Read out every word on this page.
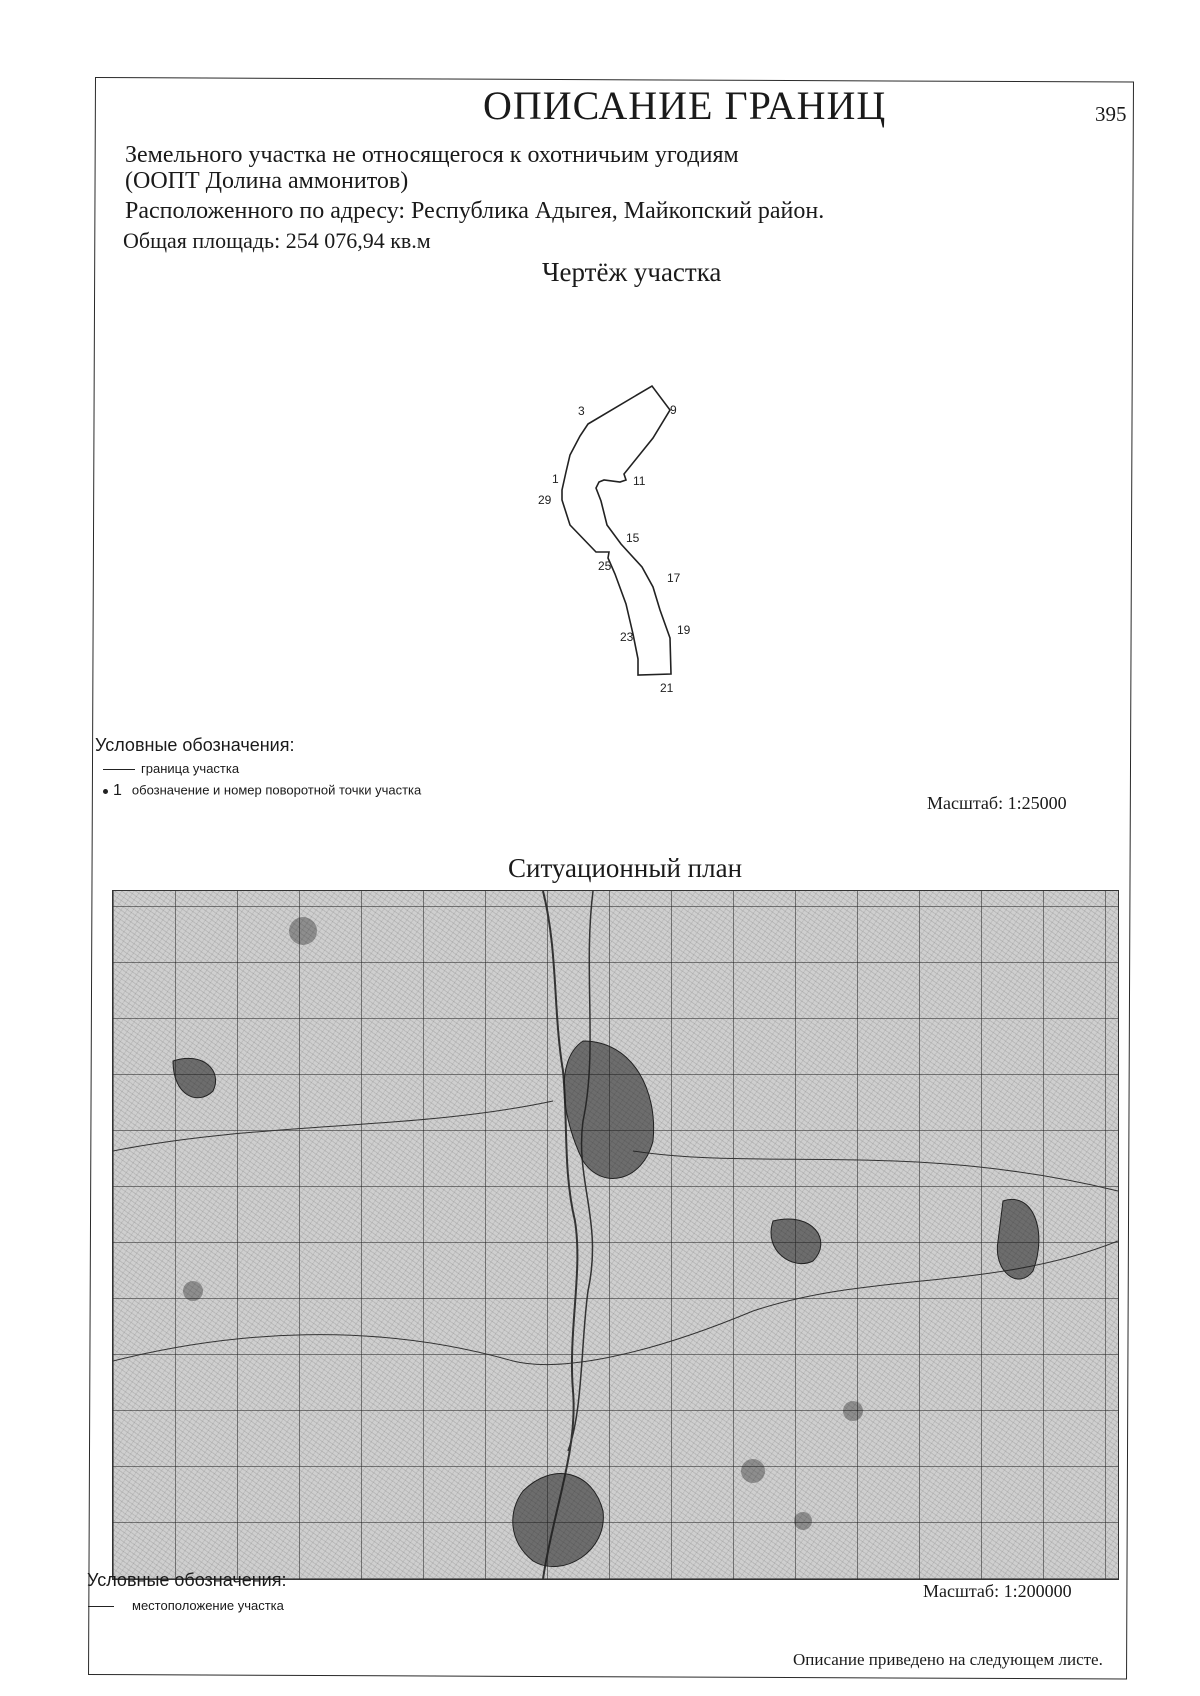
ОПИСАНИЕ ГРАНИЦ	395
Земельного участка не относящегося к охотничьим угодиям
(ООПТ Долина аммонитов)
Расположенного по адресу: Республика Адыгея, Майкопский район.
Общая площадь: 254 076,94 кв.м
Чертёж участка
3	9
1	11
29
15
25
17
19
23
21
Условные обозначения:
граница участка
1 обозначение и номер поворотной точки участка
Масштаб: 1:25000
Ситуационный план
Условные обозначения:
местоположение участка
Масштаб: 1:200000
Описание приведено на следующем листе.
